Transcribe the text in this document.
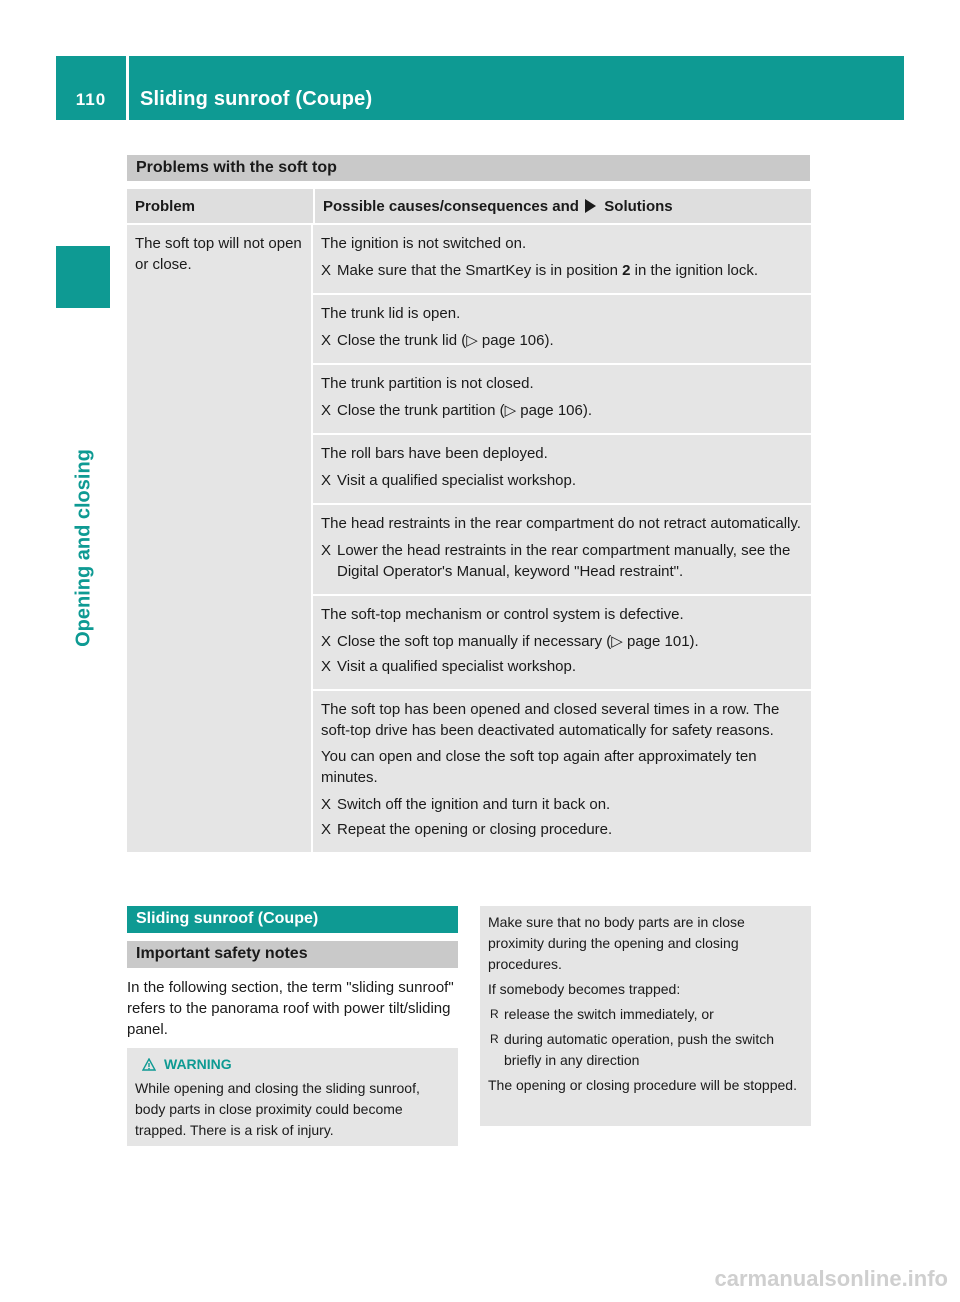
110	Sliding sunroof (Coupe)
Opening and closing
Problems with the soft top
Problem	Possible causes/consequences and Solutions
The soft top will not open or close.	The ignition is not switched on.

X Make sure that the SmartKey is in position 2 in the ignition lock.

	The trunk lid is open.

X Close the trunk lid (▷ page 106).

	The trunk partition is not closed.

X Close the trunk partition (▷ page 106).

	The roll bars have been deployed.

X Visit a qualified specialist workshop.

	The head restraints in the rear compartment do not retract automatically.

X Lower the head restraints in the rear compartment manually, see the Digital Operator's Manual, keyword "Head restraint".

	The soft-top mechanism or control system is defective.

X Close the soft top manually if necessary (▷ page 101).
X Visit a qualified specialist workshop.

	The soft top has been opened and closed several times in a row. The soft-top drive has been deactivated automatically for safety reasons.

You can open and close the soft top again after approximately ten minutes.

X Switch off the ignition and turn it back on.
X Repeat the opening or closing procedure.
Sliding sunroof (Coupe)
Important safety notes

In the following section, the term "sliding sunroof" refers to the panorama roof with power tilt/sliding panel.

WARNING

While opening and closing the sliding sunroof, body parts in close proximity could become trapped. There is a risk of injury.

Make sure that no body parts are in close proximity during the opening and closing procedures.

If somebody becomes trapped:

R release the switch immediately, or
R during automatic operation, push the switch briefly in any direction

The opening or closing procedure will be stopped.

carmanualsonline.info
